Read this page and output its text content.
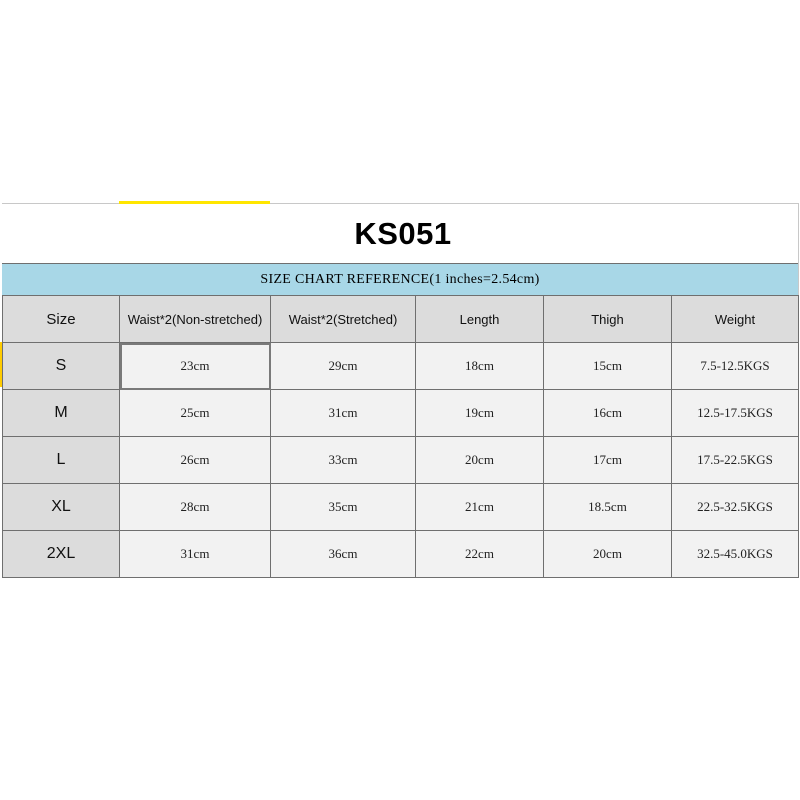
KS051
SIZE CHART REFERENCE(1 inches=2.54cm)
Size	Waist*2(Non-stretched)	Waist*2(Stretched)	Length	Thigh	Weight
S	23cm	29cm	18cm	15cm	7.5-12.5KGS
M	25cm	31cm	19cm	16cm	12.5-17.5KGS
L	26cm	33cm	20cm	17cm	17.5-22.5KGS
XL	28cm	35cm	21cm	18.5cm	22.5-32.5KGS
2XL	31cm	36cm	22cm	20cm	32.5-45.0KGS
